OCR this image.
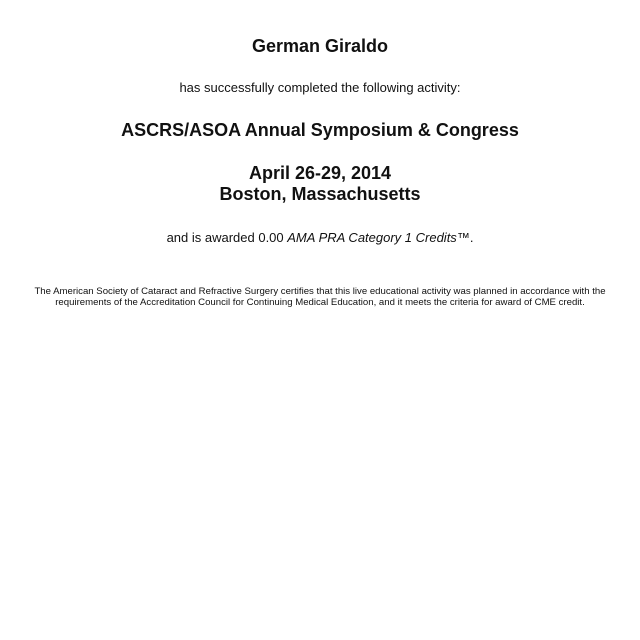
German Giraldo
has successfully completed the following activity:
ASCRS/ASOA Annual Symposium & Congress
April 26-29, 2014
Boston, Massachusetts
and is awarded 0.00 AMA PRA Category 1 Credits™.
The American Society of Cataract and Refractive Surgery certifies that this live educational activity was planned in accordance with the requirements of the Accreditation Council for Continuing Medical Education, and it meets the criteria for award of CME credit.
